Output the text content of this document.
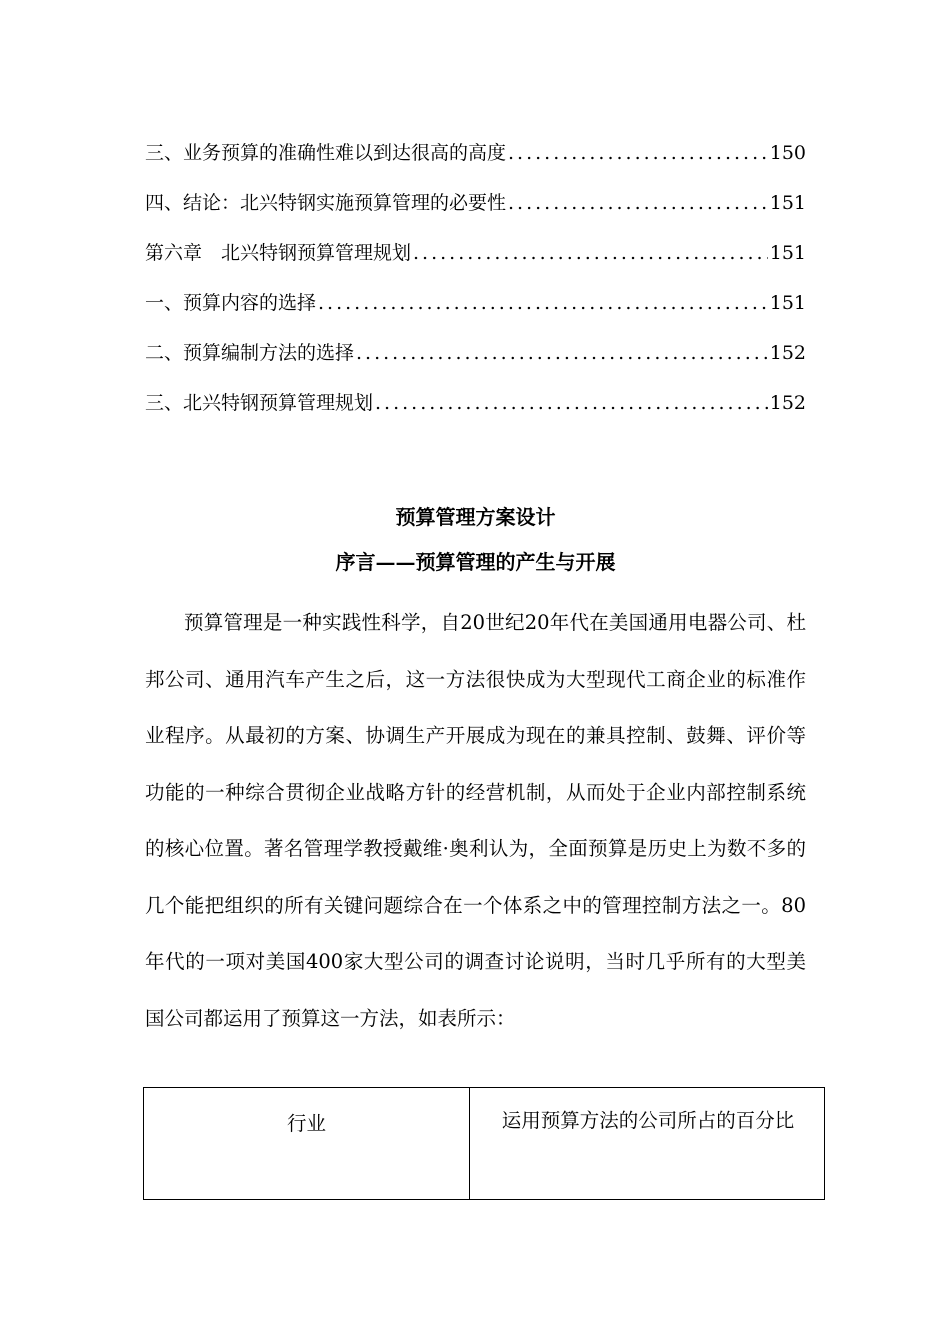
三、业务预算的准确性难以到达很高的高度 .....	150
四、结论：北兴特钢实施预算管理的必要性 .....	151
第六章　北兴特钢预算管理规划 .....	151
一、预算内容的选择 .....	151
二、预算编制方法的选择 .....	152
三、北兴特钢预算管理规划 .....	152
预算管理方案设计
序言——预算管理的产生与开展

预算管理是一种实践性科学，自20世纪20年代在美国通用电器公司、杜邦公司、通用汽车产生之后，这一方法很快成为大型现代工商企业的标准作业程序。从最初的方案、协调生产开展成为现在的兼具控制、鼓舞、评价等功能的一种综合贯彻企业战略方针的经营机制，从而处于企业内部控制系统的核心位置。著名管理学教授戴维·奥利认为，全面预算是历史上为数不多的几个能把组织的所有关键问题综合在一个体系之中的管理控制方法之一。80年代的一项对美国400家大型公司的调查讨论说明，当时几乎所有的大型美国公司都运用了预算这一方法，如表所示：

行业	运用预算方法的公司所占的百分比
